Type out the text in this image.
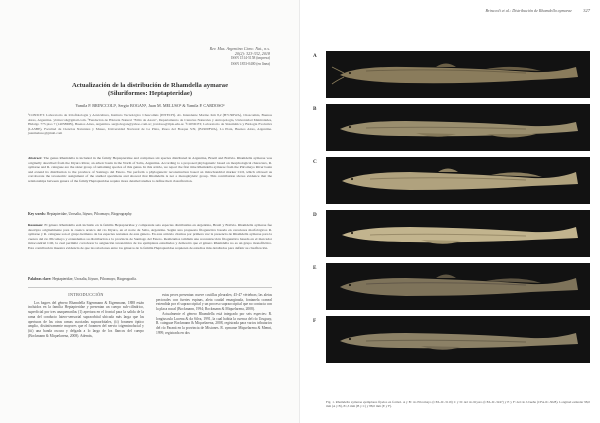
Rev. Mus. Argentino Cienc. Nat., n.s.
20(2): 323-332, 2018
ISSN 1514-5158 (impresa)
ISSN 1853-0400 (en línea)
Actualización de la distribución de Rhamdella aymarae
(Siluriformes: Heptapteridae)
Yamila P. BRINCCOLI¹, Sergio BOGAN², Juan M. MELUSO³ & Yamila P. CARDOSO¹
¹CONICET. Laboratorio de Ictiofisiología y Acuicultura, Instituto Tecnológico Chascomús (INTECH). Av. Intendente Marino Km 8,2 (B7130IWA), Chascomús, Buenos Aires, Argentina. ybrinccoli@gmail.com. ²Fundación de Historia Natural "Félix de Azara", Departamento de Ciencias Naturales y Antropología, Universidad Maimónides, Hidalgo 775 piso 7 (1405BDB), Buenos Aires, Argentina. sergiobogan@yahoo.com.ar; jcardoso@ilpla.edu.ar. ³CONICET, Laboratorio de Sistemática y Biología Evolutiva (LASBE), Facultad de Ciencias Naturales y Museo, Universidad Nacional de La Plata, Paseo del Bosque S/N, (B1900FWA), La Plata, Buenos Aires, Argentina. juanmeluso@gmail.com
Abstract: The genus Rhamdella is included in the family Heptapteridae and comprises six species distributed in Argentina, Brazil and Bolivia. Rhamdella aymarae was originally described from the Itiyuro River, an arheic basin in the North of Salta, Argentina. According to a proposed phylogenetic based on morphological characters, R. aymarae and R. cainguae are the sister group of remaining species of this genus. In this article, we report the first time Rhamdella aymarae from the Pilcomayo River basin and extend its distribution to the province of Santiago del Estero. We perform a phylogenetic reconstruction based on mitochondrial marker COI, which allowed us corroborate the taxonomic assignment of the studied specimens and showed that Rhamdella is not a monophyletic group. This contribution shows evidence that the relationships between genera of the family Heptapteridae require more detailed studies to define their classification.
Key words: Heptapteridae, Urosalia, Itiyuro, Pilcomayo, Biogeography.
Resumen: El género Rhamdella está incluido en la familia Heptapteridae y comprende seis especies distribuidas en Argentina, Brasil y Bolivia. Rhamdella aymarae fue descripta originalmente para la cuenca arreica del río Itiyuro, en el norte de Salta, Argentina. Según una propuesta filogenética basada en caracteres morfológicos R. aymarae y R. cainguae son el grupo hermano de las especies restantes de este género. En este artículo citamos por primera vez la presencia de Rhamdella aymarae para la cuenca del río Pilcomayo y extendemos su distribución a la provincia de Santiago del Estero. Realizamos también una reconstrucción filogenética basada en el marcador mitocondrial COI, la cual permitió corroborar la asignación taxonómica de los ejemplares estudiados y demostró que el género Rhamdella no es un grupo monofilético. Esta contribución muestra evidencia de que las relaciones entre los géneros de la familia Heptapteridae requieren de estudios más detallados para definir su clasificación.
Palabras clave: Heptapteridae, Urosalia, Itiyuro, Pilcomayo, Biogeografía.
INTRODUCCIÓN

Los bagres del género Rhamdella Eigenmann & Eigenmann, 1888 están incluidos en la familia Heptapteridae y presentan un cuerpo sub-cilíndrico, superficial por tres anaquenarilas (1) apertura en el frontal para la salida de la rama del conducto latero-sensorial supraorbital ubicada más larga que las aperturas de las otras ramas asociadas supraorbitales, (ii) foramen óptico amplio, distintivamente mayores que el foramen del nervio trigeminofacial y (iii) una banda oscura y delgada a lo largo de los flancos del cuerpo (Bockmann & Miquelarena, 2008). Además,

estas peces presentan: nueve costillas pleurales; 45-47 vértebras; las aletas pectorales con fuertes espinas, aleta caudal emarginada, fontanela craneal extendida por el supraoccipital y un proceso supraoccipital que no contacta con la placa nucal (Bockmann, 1994; Bockmann & Miquelarena, 2008).

Actualmente el género Rhamdella está integrado por seis especies: R. longiuscula Lucena & da Silva, 1991, la cual habita la cuenca del río Uruguay, R. cainguae Bockmann & Miquelarena, 2008, registrada para varios tributarios del río Paraná en la provincia de Misiones. R. aymarae Miquelarena & Menni, 1999, registrada en dos

Brinccoli et al.: Distribución de Rhamdella aymarae 327
A
B
C
D
E
F
Fig. 1. Rhamdella aymarae ejemplares fijados en formol. A y B: río Pilcomayo (CFA-IC-3119) C y D: del río Itiyuro (CFA-IC-3247) y E y F: del río Urueña (CFA-IC-3028). Longitud estándar 98,0 mm (A y B), 81,3 mm (B y C) y 88,0 mm (E y F).
